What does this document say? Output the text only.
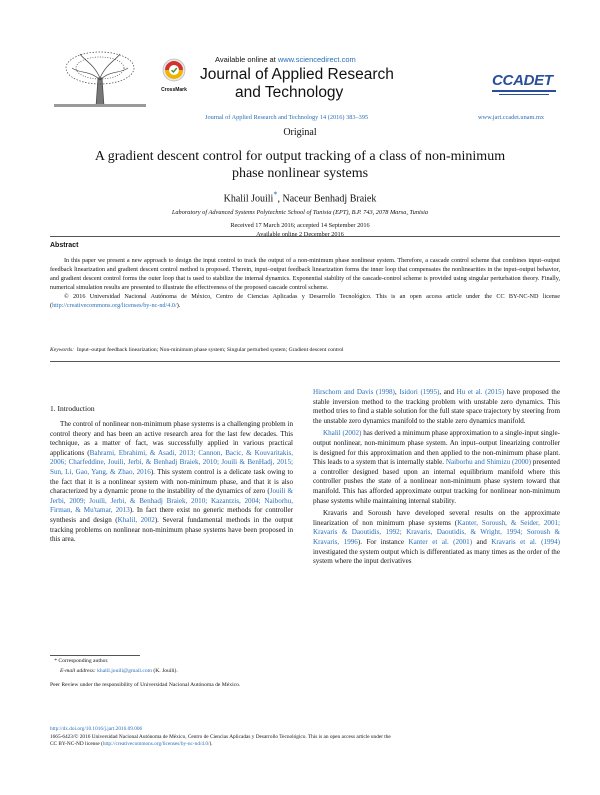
Available online at www.sciencedirect.com
CrossMark
Journal of Applied Research
and Technology
CCADET
Journal of Applied Research and Technology 14 (2016) 383–395	www.jart.ccadet.unam.mx
Original
A gradient descent control for output tracking of a class of non-minimum
phase nonlinear systems
Khalil Jouili*, Naceur Benhadj Braiek
Laboratory of Advanced Systems Polytechnic School of Tunisia (EPT), B.P. 743, 2078 Marsa, Tunisia
Received 17 March 2016; accepted 14 September 2016
Available online 2 December 2016
Abstract

In this paper we present a new approach to design the input control to track the output of a non-minimum phase nonlinear system. Therefore, a cascade control scheme that combines input–output feedback linearization and gradient descent control method is proposed. Therein, input–output feedback linearization forms the inner loop that compensates the nonlinearities in the input–output behavior, and gradient descent control forms the outer loop that is used to stabilize the internal dynamics. Exponential stability of the cascade-control scheme is provided using singular perturbation theory. Finally, numerical simulation results are presented to illustrate the effectiveness of the proposed cascade control scheme.

© 2016 Universidad Nacional Autónoma de México, Centro de Ciencias Aplicadas y Desarrollo Tecnológico. This is an open access article under the CC BY-NC-ND license (http://creativecommons.org/licenses/by-nc-nd/4.0/).

Keywords: Input–output feedback linearization; Non-minimum phase system; Singular perturbed system; Gradient descent control
1. Introduction

The control of nonlinear non-minimum phase systems is a challenging problem in control theory and has been an active research area for the last few decades. This technique, as a matter of fact, was successfully applied in various practical applications (Bahrami, Ebrahimi, & Asadi, 2013; Cannon, Bacic, & Kouvaritakis, 2006; Charfeddine, Jouili, Jerbi, & Benhadj Braiek, 2010; Jouili & BenHadj, 2015; Sun, Li, Gao, Yang, & Zhao, 2016). This system control is a delicate task owing to the fact that it is a nonlinear system with non-minimum phase, and that it is also characterized by a dynamic prone to the instability of the dynamics of zero (Jouili & Jerbi, 2009; Jouili, Jerbi, & Benhadj Braiek, 2010; Kazantzis, 2004; Naiborhu, Firman, & Mu'tamar, 2013). In fact there exist no generic methods for controller synthesis and design (Khalil, 2002). Several fundamental methods in the output tracking problems on nonlinear non-minimum phase systems have been proposed in this area.

Hirschorn and Davis (1998), Isidori (1995), and Hu et al. (2015) have proposed the stable inversion method to the tracking problem with unstable zero dynamics. This method tries to find a stable solution for the full state space trajectory by steering from the unstable zero dynamics manifold to the stable zero dynamics manifold.

Khalil (2002) has derived a minimum phase approximation to a single-input single-output nonlinear, non-minimum phase system. An input–output linearizing controller is designed for this approximation and then applied to the non-minimum phase plant. This leads to a system that is internally stable. Naiborhu and Shimizu (2000) presented a controller designed based upon an internal equilibrium manifold where this controller pushes the state of a nonlinear non-minimum phase system toward that manifold. This has afforded approximate output tracking for nonlinear non-minimum phase systems while maintaining internal stability.

Kravaris and Soroush have developed several results on the approximate linearization of non minimum phase systems (Kanter, Soroush, & Seider, 2001; Kravaris & Daoutidis, 1992; Kravaris, Daoutidis, & Wright, 1994; Soroush & Kravaris, 1996). For instance Kanter et al. (2001) and Kravaris et al. (1994) investigated the system output which is differentiated as many times as the order of the system where the input derivatives

* Corresponding author.
E-mail address: khalil.jouili@gmail.com (K. Jouili).
Peer Review under the responsibility of Universidad Nacional Autónoma de México.
http://dx.doi.org/10.1016/j.jart.2016.09.006
1665-6423/© 2016 Universidad Nacional Autónoma de México, Centro de Ciencias Aplicadas y Desarrollo Tecnológico. This is an open access article under the
CC BY-NC-ND license (http://creativecommons.org/licenses/by-nc-nd/4.0/).
